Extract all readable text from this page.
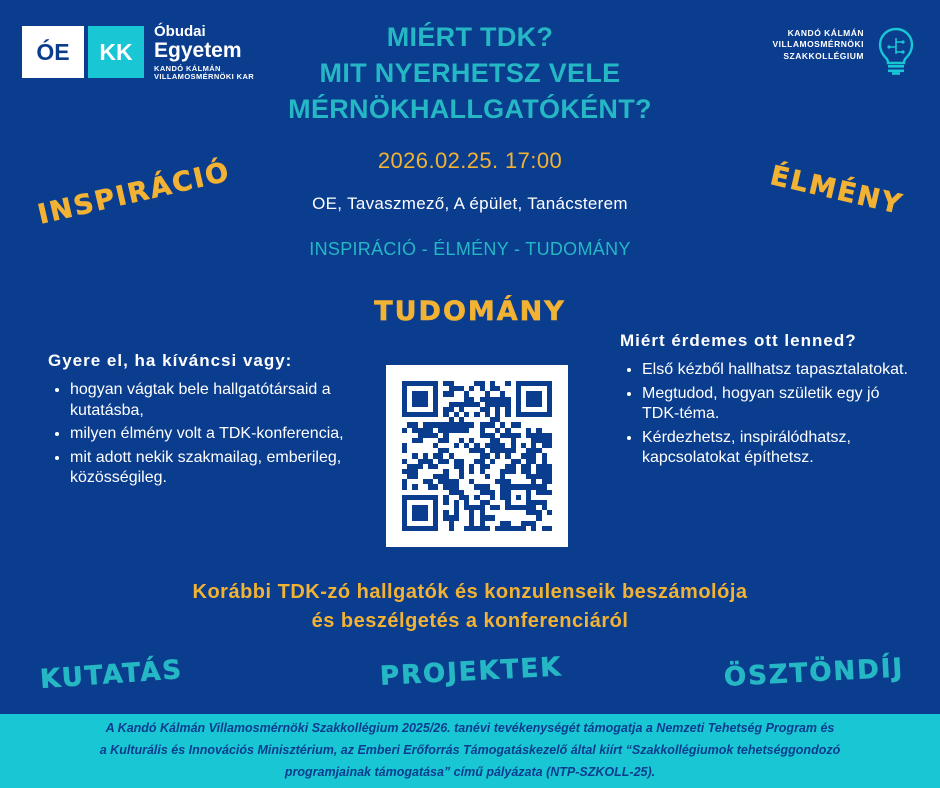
ÓE KK
Óbudai
Egyetem
KANDÓ KÁLMÁN
VILLAMOSMÉRNÖKI KAR
KANDÓ KÁLMÁN
VILLAMOSMÉRNÖKI
SZAKKOLLÉGIUM
MIÉRT TDK?
MIT NYERHETSZ VELE
MÉRNÖKHALLGATÓKÉNT?
2026.02.25. 17:00
OE, Tavaszmező, A épület, Tanácsterem
INSPIRÁCIÓ - ÉLMÉNY - TUDOMÁNY
INSPIRÁCIÓ	ÉLMÉNY
TUDOMÁNY
KUTATÁS	PROJEKTEK	ÖSZTÖNDÍJ
Gyere el, ha kíváncsi vagy:
• hogyan vágtak bele hallgatótársaid a kutatásba,
• milyen élmény volt a TDK-konferencia,
• mit adott nekik szakmailag, emberileg, közösségileg.
Miért érdemes ott lenned?
• Első kézből hallhatsz tapasztalatokat.
• Megtudod, hogyan születik egy jó TDK-téma.
• Kérdezhetsz, inspirálódhatsz, kapcsolatokat építhetsz.
Korábbi TDK-zó hallgatók és konzulenseik beszámolója
és beszélgetés a konferenciáról

A Kandó Kálmán Villamosmérnöki Szakkollégium 2025/26. tanévi tevékenységét támogatja a Nemzeti Tehetség Program és

a Kulturális és Innovációs Minisztérium, az Emberi Erőforrás Támogatáskezelő által kiírt “Szakkollégiumok tehetséggondozó

programjainak támogatása” című pályázata (NTP-SZKOLL-25).
